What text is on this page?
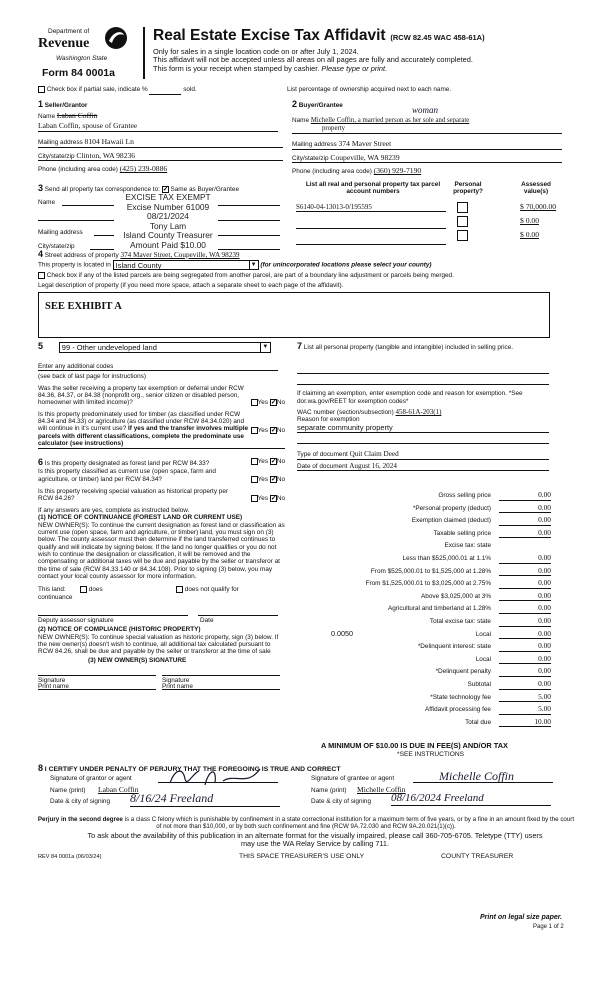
Department of
Revenue
Washington State
Form 84 0001a
Real Estate Excise Tax Affidavit (RCW 82.45 WAC 458-61A)
Only for sales in a single location code on or after July 1, 2024.
This affidavit will not be accepted unless all areas on all pages are fully and accurately completed.
This form is your receipt when stamped by cashier. Please type or print.
Check box if partial sale, indicate %	sold.	List percentage of ownership acquired next to each name.
1 Seller/Grantor
Name Laban Coffin
Laban Coffin, spouse of Grantee
Mailing address 8104 Hawaii Ln
City/state/zip Clinton, WA 98236
Phone (including area code) (425) 239-0886
2 Buyer/Grantee	woman
Name Michelle Coffin, a married person as her sole and separate
property
Mailing address 374 Maver Street
City/state/zip Coupeville, WA 98239
Phone (including area code) (360) 929-7190
3 Send all property tax correspondence to: ✓ Same as Buyer/Grantee
Name
Mailing address
City/state/zip
EXCISE TAX EXEMPT
Excise Number 61009
08/21/2024
Tony Lam
Island County Treasurer
Amount Paid $10.00
List all real and personal property tax parcel account numbers
Personal property?
Assessed value(s)
S6140-04-13013-0/195595	$ 70,000.00
$ 0.00
$ 0.00
4 Street address of property 374 Maver Street, Coupeville, WA 98239
This property is located in Island County	▼ (for unincorporated locations please select your county)
Check box if any of the listed parcels are being segregated from another parcel, are part of a boundary line adjustment or parcels being merged.
Legal description of property (if you need more space, attach a separate sheet to each page of the affidavit).
SEE EXHIBIT A
5	99 - Other undeveloped land	▼
Enter any additional codes
(see back of last page for instructions)
Was the seller receiving a property tax exemption or deferral under RCW 84.36, 84.37, or 84.38 (nonprofit org., senior citizen or disabled person, homeowner with limited income)?	Yes ✓ No
Is this property predominately used for timber (as classified under RCW 84.34 and 84.33) or agriculture (as classified under RCW 84.34.020) and will continue in it's current use? If yes and the transfer involves multiple parcels with different classifications, complete the predominate use calculator (see instructions)
Yes ✓ No
6 Is this property designated as forest land per RCW 84.33?	Yes ✓ No
Is this property classified as current use (open space, farm and agriculture, or timber) land per RCW 84.34?	Yes ✓ No
Is this property receiving special valuation as historical property per RCW 84.26?	Yes ✓ No
If any answers are yes, complete as instructed below.
(1) NOTICE OF CONTINUANCE (FOREST LAND OR CURRENT USE)
NEW OWNER(S): To continue the current designation as forest land or classification as current use (open space, farm and agriculture, or timber) land, you must sign on (3) below. The county assessor must then determine if the land transferred continues to qualify and will indicate by signing below. If the land no longer qualifies or you do not wish to continue the designation or classification, it will be removed and the compensating or additional taxes will be due and payable by the seller or transferor at the time of sale (RCW 84.33.140 or 84.34.108). Prior to signing (3) below, you may contact your local county assessor for more information.
This land:
continuance
does	does not qualify for
Deputy assessor signature	Date
(2) NOTICE OF COMPLIANCE (HISTORIC PROPERTY)
NEW OWNER(S): To continue special valuation as historic property, sign (3) below. If the new owner(s) doesn't wish to continue, all additional tax calculated pursuant to RCW 84.26, shall be due and payable by the seller or transferor at the time of sale
(3) NEW OWNER(S) SIGNATURE
Signature	Signature
Print name	Print name
7 List all personal property (tangible and intangible) included in selling price.
If claiming an exemption, enter exemption code and reason for exemption. *See dor.wa.gov/REET for exemption codes*
WAC number (section/subsection) 458-61A-203(1)
Reason for exemption
separate community property
Type of document Quit Claim Deed
Date of document August 16, 2024
Gross selling price	0.00
*Personal property (deduct)	0.00
Exemption claimed (deduct)	0.00
Taxable selling price	0.00
Excise tax: state
Less than $525,000.01 at 1.1%	0.00
From $525,000.01 to $1,525,000 at 1.28%	0.00
From $1,525,000.01 to $3,025,000 at 2.75%	0.00
Above $3,025,000 at 3%	0.00
Agricultural and timberland at 1.28%	0.00
Total excise tax: state	0.00
Local
0.0050	0.00
*Delinquent interest: state	0.00
Local	0.00
*Delinquent penalty	0.00
Subtotal	0.00
*State technology fee	5.00
Affidavit processing fee	5.00
Total due	10.00
A MINIMUM OF $10.00 IS DUE IN FEE(S) AND/OR TAX
*SEE INSTRUCTIONS
8 I CERTIFY UNDER PENALTY OF PERJURY THAT THE FOREGOING IS TRUE AND CORRECT
Signature of grantor or agent
Name (print) Laban Coffin
Date & city of signing 8/16/24 Freeland
Signature of grantee or agent	Michelle Coffin
Name (print) Michelle Coffin
Date & city of signing 08/16/2024 Freeland
Perjury in the second degree is a class C felony which is punishable by confinement in a state correctional institution for a maximum term of five years, or by a fine in an amount fixed by the court of not more than $10,000, or by both such confinement and fine (RCW 9A.72.030 and RCW 9A.20.021(1)(c)).
To ask about the availability of this publication in an alternate format for the visually impaired, please call 360-705-6705. Teletype (TTY) users may use the WA Relay Service by calling 711.
REV 84 0001a (06/03/24)	THIS SPACE TREASURER'S USE ONLY	COUNTY TREASURER
Print on legal size paper.
Page 1 of 2
